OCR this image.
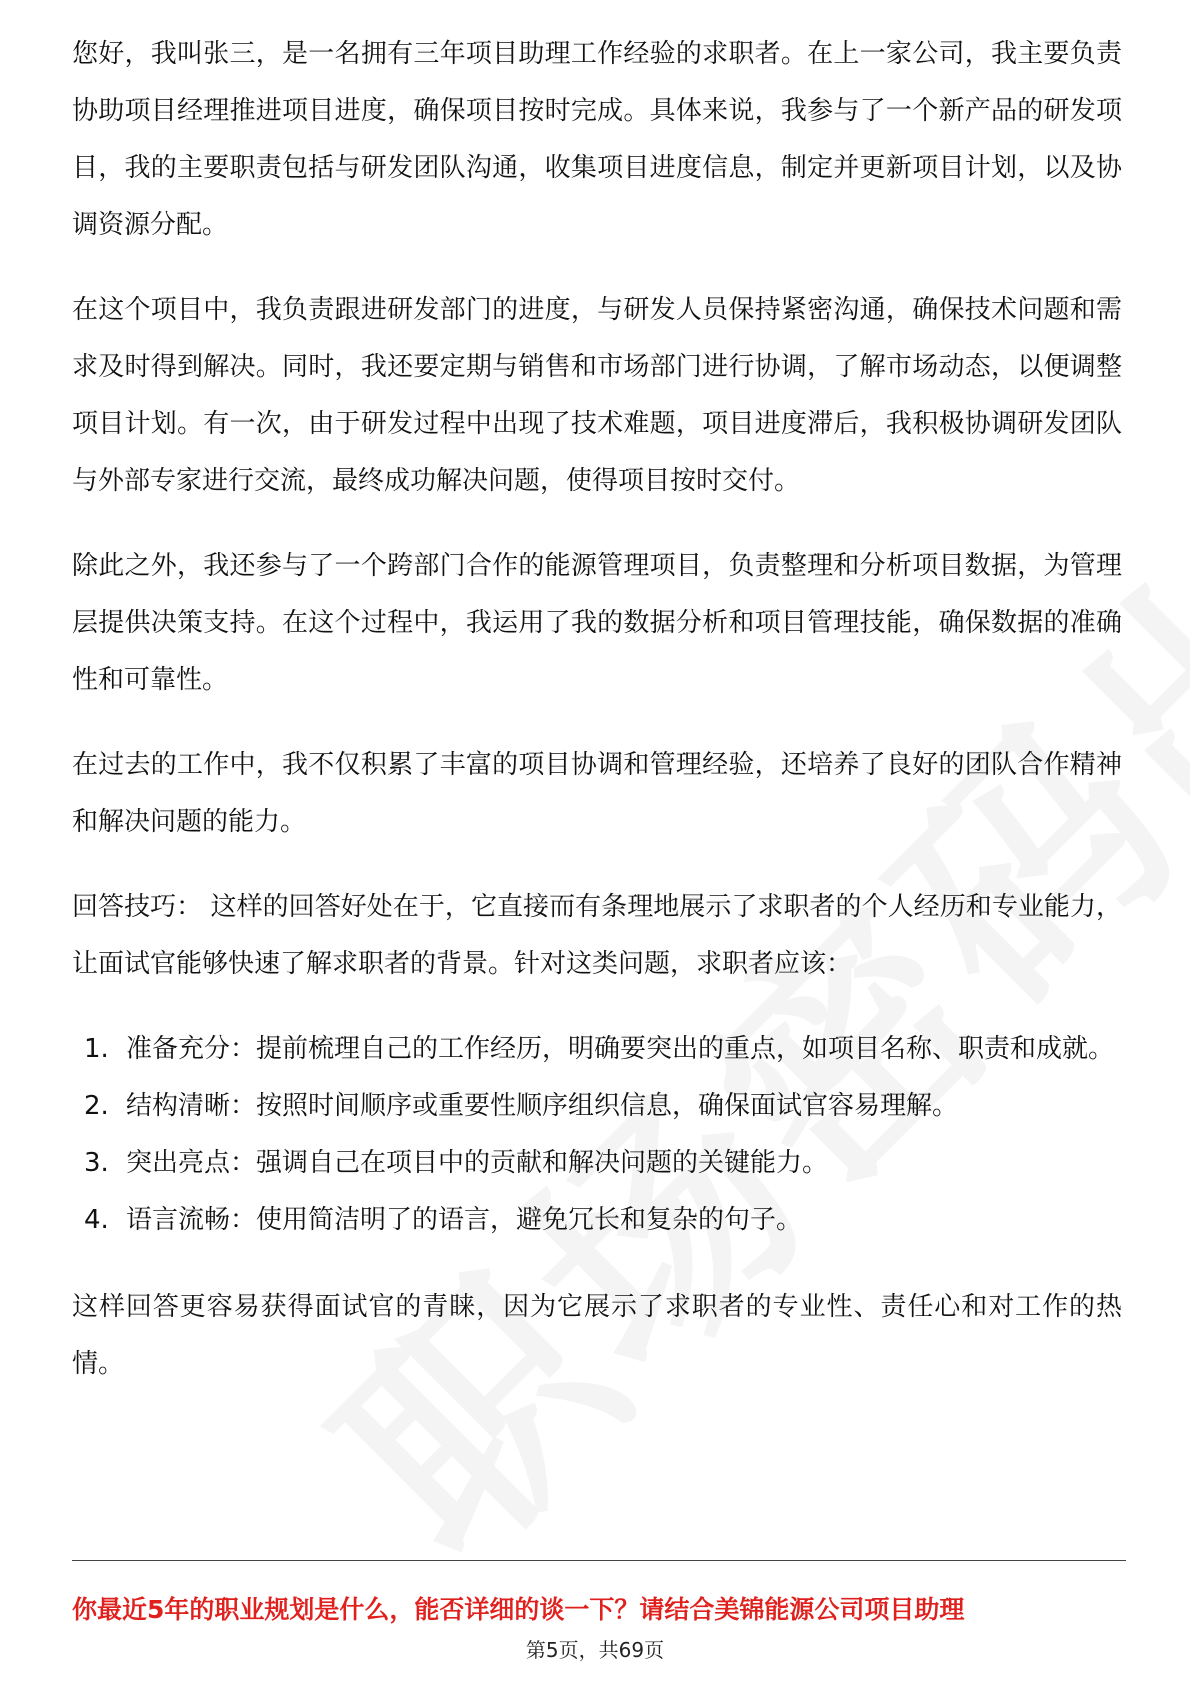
您好，我叫张三，是一名拥有三年项目助理工作经验的求职者。在上一家公司，我主要负责协助项目经理推进项目进度，确保项目按时完成。具体来说，我参与了一个新产品的研发项目，我的主要职责包括与研发团队沟通，收集项目进度信息，制定并更新项目计划，以及协调资源分配。

在这个项目中，我负责跟进研发部门的进度，与研发人员保持紧密沟通，确保技术问题和需求及时得到解决。同时，我还要定期与销售和市场部门进行协调，了解市场动态，以便调整项目计划。有一次，由于研发过程中出现了技术难题，项目进度滞后，我积极协调研发团队与外部专家进行交流，最终成功解决问题，使得项目按时交付。

除此之外，我还参与了一个跨部门合作的能源管理项目，负责整理和分析项目数据，为管理层提供决策支持。在这个过程中，我运用了我的数据分析和项目管理技能，确保数据的准确性和可靠性。

在过去的工作中，我不仅积累了丰富的项目协调和管理经验，还培养了良好的团队合作精神和解决问题的能力。

回答技巧： 这样的回答好处在于，它直接而有条理地展示了求职者的个人经历和专业能力，让面试官能够快速了解求职者的背景。针对这类问题，求职者应该：

1. 准备充分：提前梳理自己的工作经历，明确要突出的重点，如项目名称、职责和成就。
2. 结构清晰：按照时间顺序或重要性顺序组织信息，确保面试官容易理解。
3. 突出亮点：强调自己在项目中的贡献和解决问题的关键能力。
4. 语言流畅：使用简洁明了的语言，避免冗长和复杂的句子。

这样回答更容易获得面试官的青睐，因为它展示了求职者的专业性、责任心和对工作的热情。

你最近5年的职业规划是什么，能否详细的谈一下？请结合美锦能源公司项目助理
第5页，共69页
